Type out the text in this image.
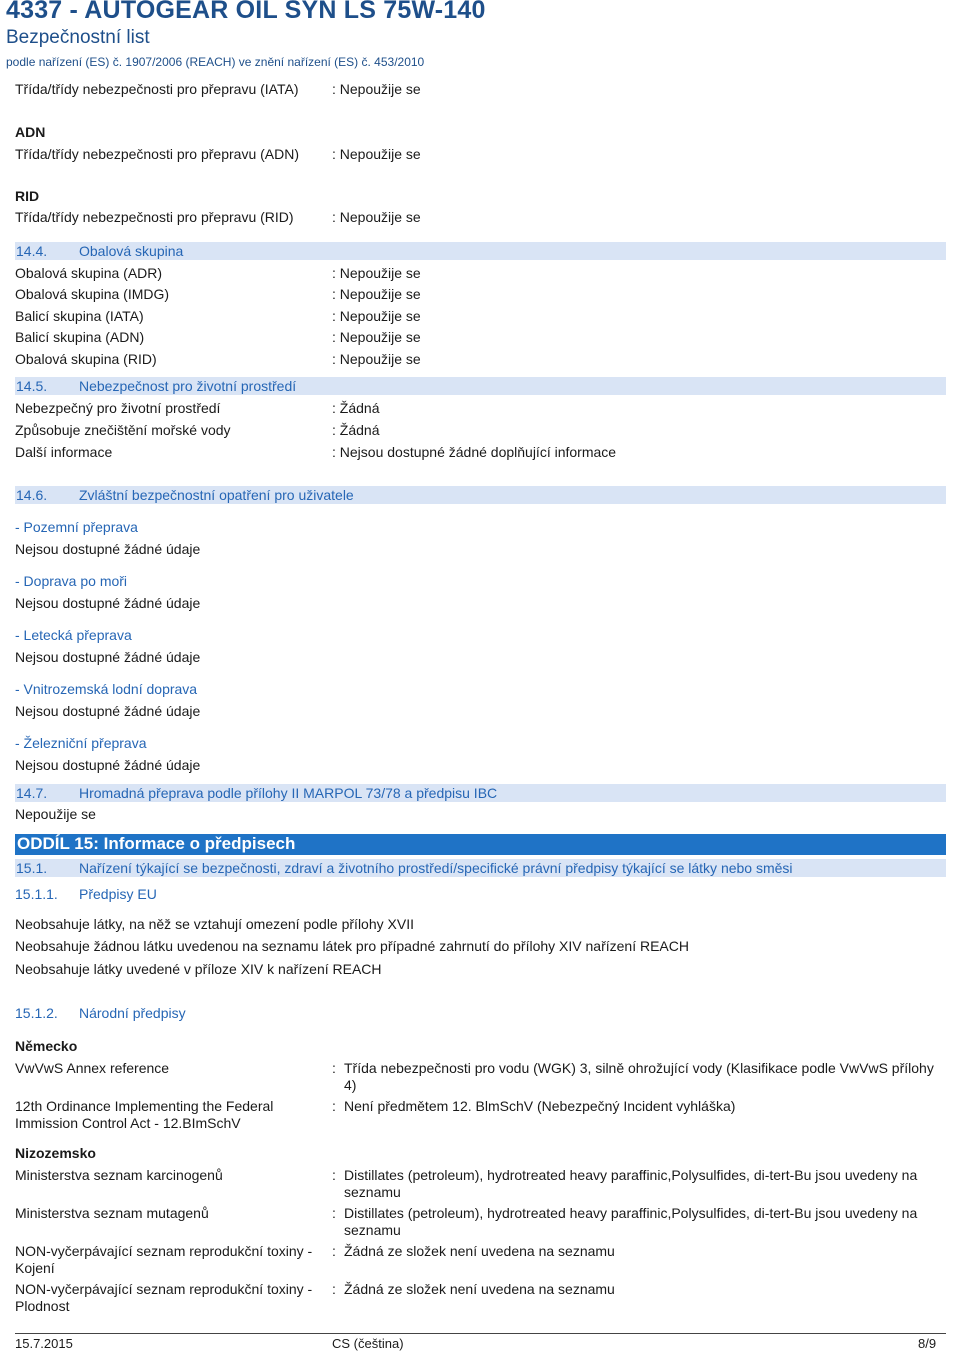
4337 - AUTOGEAR OIL SYN LS 75W-140
Bezpečnostní list
podle nařízení (ES) č. 1907/2006 (REACH) ve znění nařízení (ES) č. 453/2010
Třída/třídy nebezpečnosti pro přepravu (IATA) : Nepoužije se
ADN
Třída/třídy nebezpečnosti pro přepravu (ADN) : Nepoužije se
RID
Třída/třídy nebezpečnosti pro přepravu (RID)	: Nepoužije se
14.4. Obalová skupina
Obalová skupina (ADR)	: Nepoužije se
Obalová skupina (IMDG)	: Nepoužije se
Balicí skupina (IATA)	: Nepoužije se
Balicí skupina (ADN)	: Nepoužije se
Obalová skupina (RID)	: Nepoužije se
14.5. Nebezpečnost pro životní prostředí
Nebezpečný pro životní prostředí	: Žádná
Způsobuje znečištění mořské vody	: Žádná
Další informace	: Nejsou dostupné žádné doplňující informace
14.6. Zvláštní bezpečnostní opatření pro uživatele
- Pozemní přeprava
Nejsou dostupné žádné údaje
- Doprava po moři
Nejsou dostupné žádné údaje
- Letecká přeprava
Nejsou dostupné žádné údaje
- Vnitrozemská lodní doprava
Nejsou dostupné žádné údaje
- Železniční přeprava
Nejsou dostupné žádné údaje
14.7. Hromadná přeprava podle přílohy II MARPOL 73/78 a předpisu IBC
Nepoužije se
ODDÍL 15: Informace o předpisech
15.1. Nařízení týkající se bezpečnosti, zdraví a životního prostředí/specifické právní předpisy týkající se látky nebo směsi
15.1.1. Předpisy EU
Neobsahuje látky, na něž se vztahují omezení podle přílohy XVII
Neobsahuje žádnou látku uvedenou na seznamu látek pro případné zahrnutí do přílohy XIV nařízení REACH
Neobsahuje látky uvedené v příloze XIV k nařízení REACH
15.1.2. Národní předpisy
Německo
VwVwS Annex reference	: Třída nebezpečnosti pro vodu (WGK) 3, silně ohrožující vody (Klasifikace podle VwVwS přílohy 4)
12th Ordinance Implementing the Federal Immission Control Act - 12.BImSchV
: Není předmětem 12. BlmSchV (Nebezpečný Incident vyhláška)
Nizozemsko
Ministerstva seznam karcinogenů	: Distillates (petroleum), hydrotreated heavy paraffinic,Polysulfides, di-tert-Bu jsou uvedeny na seznamu
Ministerstva seznam mutagenů	: Distillates (petroleum), hydrotreated heavy paraffinic,Polysulfides, di-tert-Bu jsou uvedeny na seznamu
NON-vyčerpávající seznam reprodukční toxiny - Kojení
: Žádná ze složek není uvedena na seznamu
NON-vyčerpávající seznam reprodukční toxiny - Plodnost
: Žádná ze složek není uvedena na seznamu
15.7.2015	CS (čeština)	8/9
